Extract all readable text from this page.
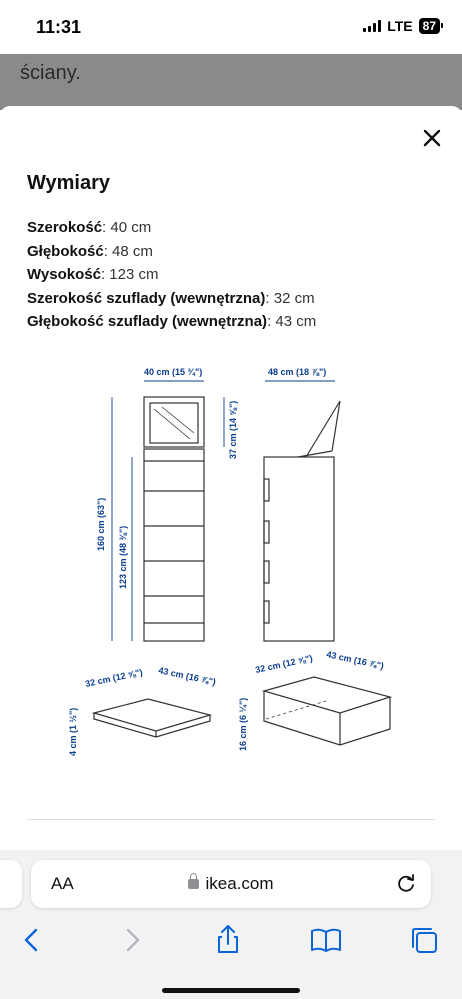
11:31	LTE 87
ściany.
Wymiary
Szerokość: 40 cm
Głębokość: 48 cm
Wysokość: 123 cm
Szerokość szuflady (wewnętrzna): 32 cm
Głębokość szuflady (wewnętrzna): 43 cm
40 cm (15 ¾")	48 cm (18 ⅞")
37 cm (14 ⅝")
160 cm (63")
123 cm (48 ⅜")
32 cm (12 ⅝") 43 cm (16 ⅞")
4 cm (1 ½")
32 cm (12 ⅝") 43 cm (16 ⅞")
16 cm (6 ¼")
AA	ikea.com
